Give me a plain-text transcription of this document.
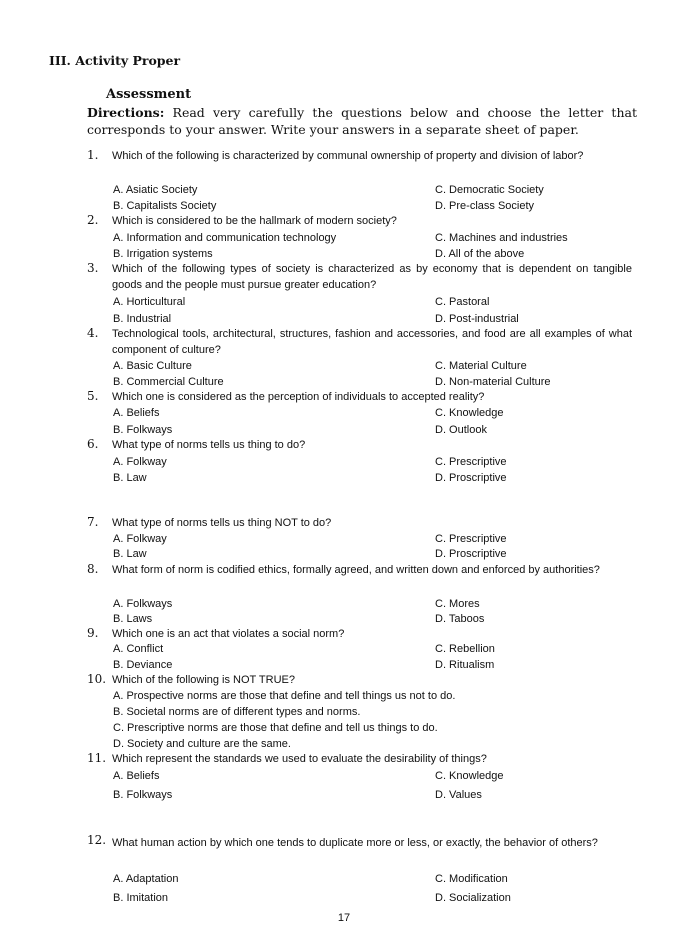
III. Activity Proper
Assessment
Directions: Read very carefully the questions below and choose the letter that corresponds to your answer. Write your answers in a separate sheet of paper.
1.	Which of the following is characterized by communal ownership of property and division of labor?
A. Asiatic Society
B. Capitalists Society
C. Democratic Society
D. Pre-class Society
2.	Which is considered to be the hallmark of modern society?
A. Information and communication technology
B. Irrigation systems
C. Machines and industries
D. All of the above
3.	Which of the following types of society is characterized as by economy that is dependent on tangible goods and the people must pursue greater education?
A. Horticultural
B. Industrial
C. Pastoral
D. Post-industrial
4.	Technological tools, architectural, structures, fashion and accessories, and food are all examples of what component of culture?
A. Basic Culture
B. Commercial Culture
C. Material Culture
D. Non-material Culture
5.	Which one is considered as the perception of individuals to accepted reality?
A. Beliefs
B. Folkways
C. Knowledge
D. Outlook
6.	What type of norms tells us thing to do?
A. Folkway
B. Law
C. Prescriptive
D. Proscriptive
7.	What type of norms tells us thing NOT to do?
A. Folkway
B. Law
C. Prescriptive
D. Proscriptive
8.	What form of norm is codified ethics, formally agreed, and written down and enforced by authorities?
A. Folkways
B. Laws
C. Mores
D. Taboos
9.	Which one is an act that violates a social norm?
A. Conflict
B. Deviance
C. Rebellion
D. Ritualism
10. Which of the following is NOT TRUE?
A. Prospective norms are those that define and tell things us not to do.
B. Societal norms are of different types and norms.
C. Prescriptive norms are those that define and tell us things to do.
D. Society and culture are the same.
11. Which represent the standards we used to evaluate the desirability of things?
A. Beliefs
B. Folkways
C. Knowledge
D. Values
12. What human action by which one tends to duplicate more or less, or exactly, the behavior of others?
A. Adaptation
B. Imitation
C. Modification
D. Socialization
17
